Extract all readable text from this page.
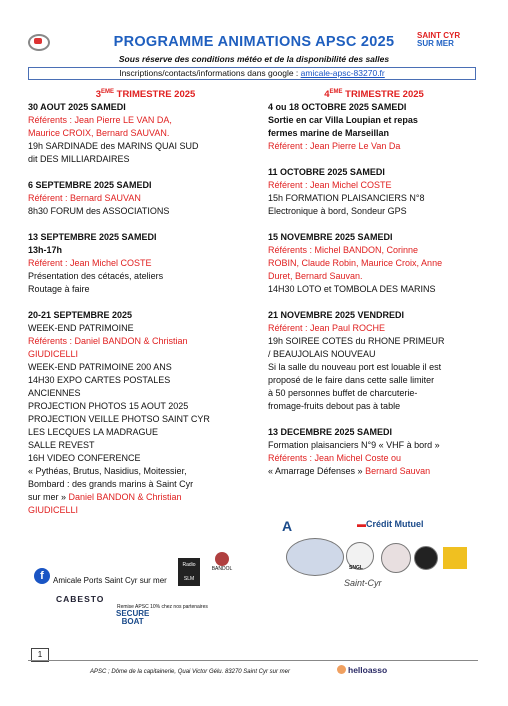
PROGRAMME ANIMATIONS APSC 2025	SAINT CYR
SUR MER
Sous réserve des conditions météo et de la disponibilité des salles
Inscriptions/contacts/informations dans google : amicale-apsc-83270.fr
3EME TRIMESTRE 2025
30 AOUT 2025 SAMEDI
Référents : Jean Pierre LE VAN DA,
Maurice CROIX, Bernard SAUVAN.
19h SARDINADE des MARINS QUAI SUD
dit DES MILLIARDAIRES
6 SEPTEMBRE 2025 SAMEDI
Référent : Bernard SAUVAN
8h30 FORUM des ASSOCIATIONS
13 SEPTEMBRE 2025 SAMEDI
13h-17h
Référent : Jean Michel COSTE
Présentation des cétacés, ateliers
Routage à faire
20-21 SEPTEMBRE 2025
WEEK-END PATRIMOINE
Référents : Daniel BANDON & Christian
GIUDICELLI
WEEK-END PATRIMOINE 200 ANS
14H30 EXPO CARTES POSTALES
ANCIENNES
PROJECTION PHOTOS 15 AOUT 2025
PROJECTION VEILLE PHOTSO SAINT CYR
LES LECQUES LA MADRAGUE
SALLE REVEST
16H VIDEO CONFERENCE
« Pythéas, Brutus, Nasidius, Moitessier,
Bombard : des grands marins à Saint Cyr
sur mer » Daniel BANDON & Christian
GIUDICELLI
4EME TRIMESTRE 2025
4 ou 18 OCTOBRE 2025 SAMEDI
Sortie en car Villa Loupian et repas
fermes marine de Marseillan
Référent : Jean Pierre Le Van Da
11 OCTOBRE 2025 SAMEDI
Référent : Jean Michel COSTE
15h FORMATION PLAISANCIERS N°8
Electronique à bord, Sondeur GPS
15 NOVEMBRE 2025 SAMEDI
Référents : Michel BANDON, Corinne
ROBIN, Claude Robin, Maurice Croix, Anne
Duret, Bernard Sauvan.
14H30 LOTO et TOMBOLA DES MARINS
21 NOVEMBRE 2025 VENDREDI
Référent : Jean Paul ROCHE
19h SOIREE COTES du RHONE PRIMEUR
/ BEAUJOLAIS NOUVEAU
Si la salle du nouveau port est louable il est
proposé de le faire dans cette salle limiter
à 50 personnes buffet de charcuterie-
fromage-fruits debout pas à table
13 DECEMBRE 2025 SAMEDI
Formation plaisanciers N°9 « VHF à bord »
Référents : Jean Michel Coste ou
« Amarrage Défenses » Bernard Sauvan
A	▬Crédit Mutuel
SNGL
Saint-Cyr
Radio SLM
BANDOL
f	Amicale Ports Saint Cyr sur mer
CABESTO
Remise APSC 10% chez nos partenaires
SECURE
BOAT
1
APSC ; Dôme de la capitainerie, Quai Victor Gélu. 83270 Saint Cyr sur mer	helloasso
